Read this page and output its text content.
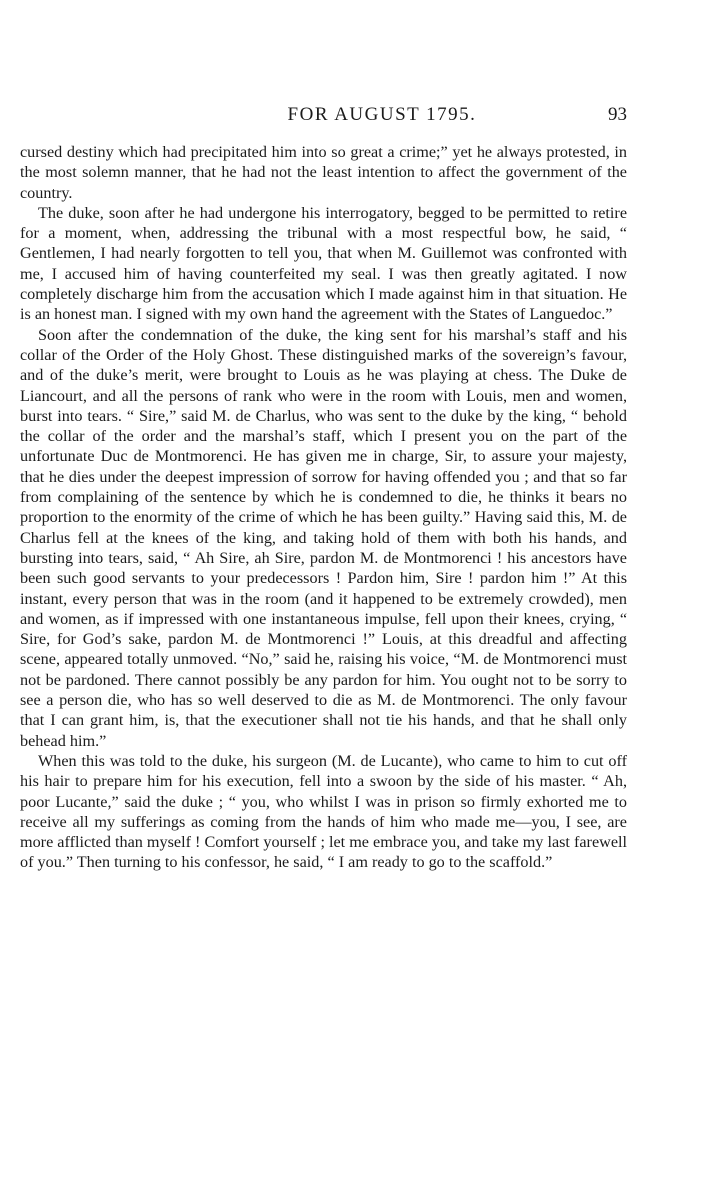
FOR AUGUST 1795.	93

cursed destiny which had precipitated him into so great a crime;” yet he always protested, in the most solemn manner, that he had not the least intention to affect the government of the country.

The duke, soon after he had undergone his interrogatory, begged to be permitted to retire for a moment, when, addressing the tribunal with a most respectful bow, he said, “ Gentlemen, I had nearly forgotten to tell you, that when M. Guillemot was confronted with me, I accused him of having counterfeited my seal. I was then greatly agitated. I now completely discharge him from the accusation which I made against him in that situation. He is an honest man. I signed with my own hand the agreement with the States of Languedoc.”

Soon after the condemnation of the duke, the king sent for his marshal’s staff and his collar of the Order of the Holy Ghost. These distinguished marks of the sovereign’s favour, and of the duke’s merit, were brought to Louis as he was playing at chess. The Duke de Liancourt, and all the persons of rank who were in the room with Louis, men and women, burst into tears. “ Sire,” said M. de Charlus, who was sent to the duke by the king, “ behold the collar of the order and the marshal’s staff, which I present you on the part of the unfortunate Duc de Montmorenci. He has given me in charge, Sir, to assure your majesty, that he dies under the deepest impression of sorrow for having offended you ; and that so far from complaining of the sentence by which he is condemned to die, he thinks it bears no proportion to the enormity of the crime of which he has been guilty.” Having said this, M. de Charlus fell at the knees of the king, and taking hold of them with both his hands, and bursting into tears, said, “ Ah Sire, ah Sire, pardon M. de Montmorenci ! his ancestors have been such good servants to your predecessors ! Pardon him, Sire ! pardon him !” At this instant, every person that was in the room (and it happened to be extremely crowded), men and women, as if impressed with one instantaneous impulse, fell upon their knees, crying, “ Sire, for God’s sake, pardon M. de Montmorenci !” Louis, at this dreadful and affecting scene, appeared totally unmoved. “No,” said he, raising his voice, “M. de Montmorenci must not be pardoned. There cannot possibly be any pardon for him. You ought not to be sorry to see a person die, who has so well deserved to die as M. de Montmorenci. The only favour that I can grant him, is, that the executioner shall not tie his hands, and that he shall only behead him.”

When this was told to the duke, his surgeon (M. de Lucante), who came to him to cut off his hair to prepare him for his execution, fell into a swoon by the side of his master. “ Ah, poor Lucante,” said the duke ; “ you, who whilst I was in prison so firmly exhorted me to receive all my sufferings as coming from the hands of him who made me—you, I see, are more afflicted than myself ! Comfort yourself ; let me embrace you, and take my last farewell of you.” Then turning to his confessor, he said, “ I am ready to go to the scaffold.”
